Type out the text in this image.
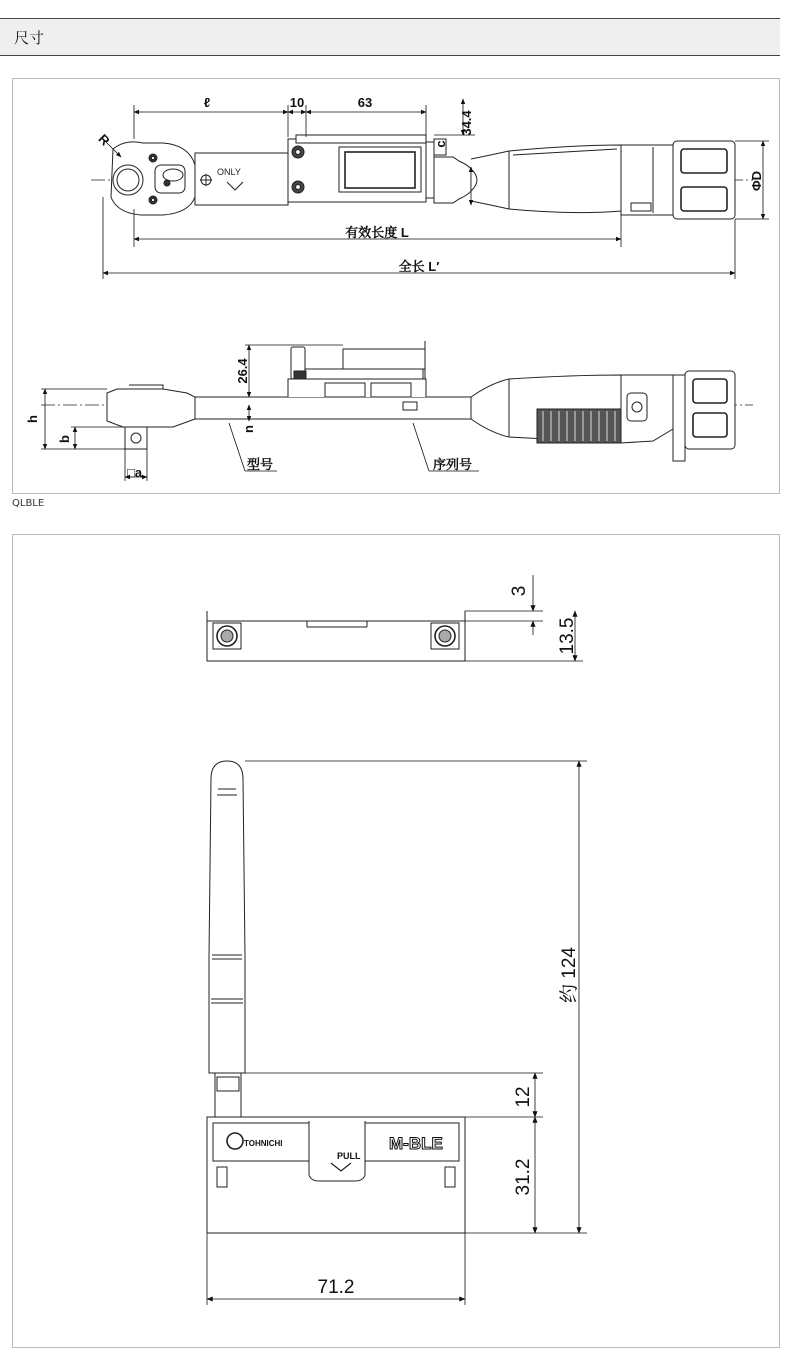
尺寸
ONLY
ℓ	10	63
34.4
c
R
ΦD
有效长度 L
全长 L′
26.4
h
b
n
□a
型号	序列号
QLBLE
3
13.5
TOHNICHI	M-BLE
PULL
约 124
12
31.2
71.2
